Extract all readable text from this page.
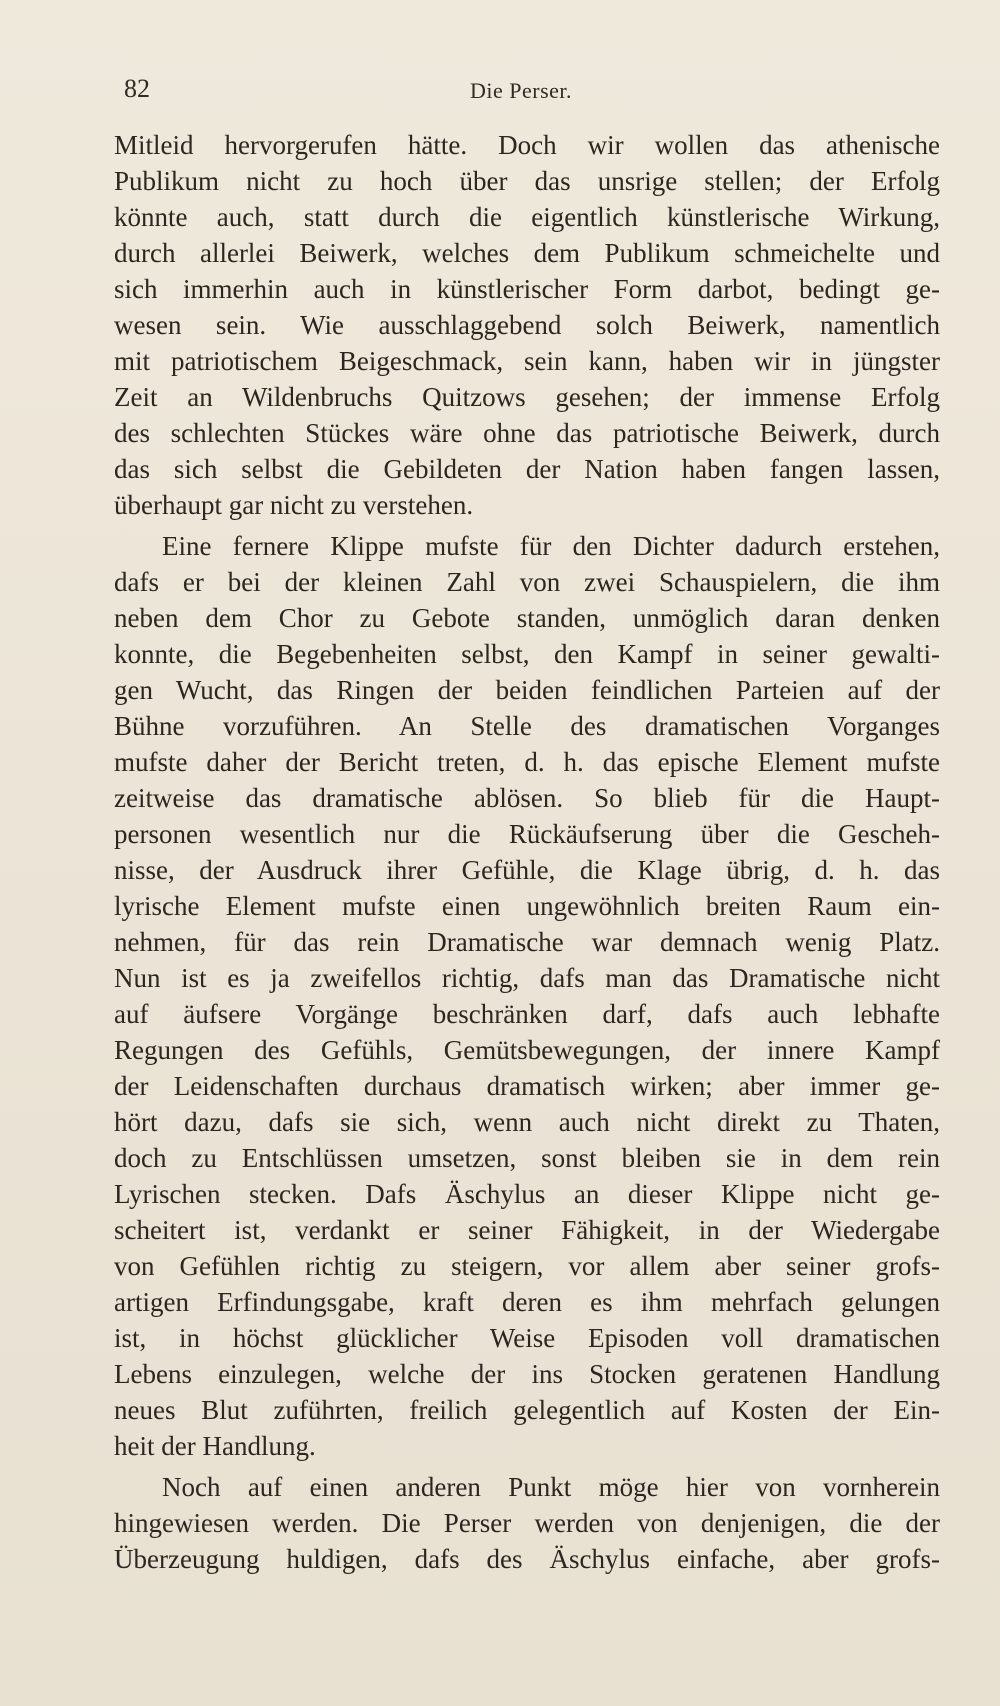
82	Die Perser.
Mitleid hervorgerufen hätte. Doch wir wollen das athenische
Publikum nicht zu hoch über das unsrige stellen; der Erfolg
könnte auch, statt durch die eigentlich künstlerische Wirkung,
durch allerlei Beiwerk, welches dem Publikum schmeichelte und
sich immerhin auch in künstlerischer Form darbot, bedingt ge-
wesen sein. Wie ausschlaggebend solch Beiwerk, namentlich
mit patriotischem Beigeschmack, sein kann, haben wir in jüngster
Zeit an Wildenbruchs Quitzows gesehen; der immense Erfolg
des schlechten Stückes wäre ohne das patriotische Beiwerk, durch
das sich selbst die Gebildeten der Nation haben fangen lassen,
überhaupt gar nicht zu verstehen.
Eine fernere Klippe mufste für den Dichter dadurch erstehen,
dafs er bei der kleinen Zahl von zwei Schauspielern, die ihm
neben dem Chor zu Gebote standen, unmöglich daran denken
konnte, die Begebenheiten selbst, den Kampf in seiner gewalti-
gen Wucht, das Ringen der beiden feindlichen Parteien auf der
Bühne vorzuführen. An Stelle des dramatischen Vorganges
mufste daher der Bericht treten, d. h. das epische Element mufste
zeitweise das dramatische ablösen. So blieb für die Haupt-
personen wesentlich nur die Rückäufserung über die Gescheh-
nisse, der Ausdruck ihrer Gefühle, die Klage übrig, d. h. das
lyrische Element mufste einen ungewöhnlich breiten Raum ein-
nehmen, für das rein Dramatische war demnach wenig Platz.
Nun ist es ja zweifellos richtig, dafs man das Dramatische nicht
auf äufsere Vorgänge beschränken darf, dafs auch lebhafte
Regungen des Gefühls, Gemütsbewegungen, der innere Kampf
der Leidenschaften durchaus dramatisch wirken; aber immer ge-
hört dazu, dafs sie sich, wenn auch nicht direkt zu Thaten,
doch zu Entschlüssen umsetzen, sonst bleiben sie in dem rein
Lyrischen stecken. Dafs Äschylus an dieser Klippe nicht ge-
scheitert ist, verdankt er seiner Fähigkeit, in der Wiedergabe
von Gefühlen richtig zu steigern, vor allem aber seiner grofs-
artigen Erfindungsgabe, kraft deren es ihm mehrfach gelungen
ist, in höchst glücklicher Weise Episoden voll dramatischen
Lebens einzulegen, welche der ins Stocken geratenen Handlung
neues Blut zuführten, freilich gelegentlich auf Kosten der Ein-
heit der Handlung.
Noch auf einen anderen Punkt möge hier von vornherein
hingewiesen werden. Die Perser werden von denjenigen, die der
Überzeugung huldigen, dafs des Äschylus einfache, aber grofs-
